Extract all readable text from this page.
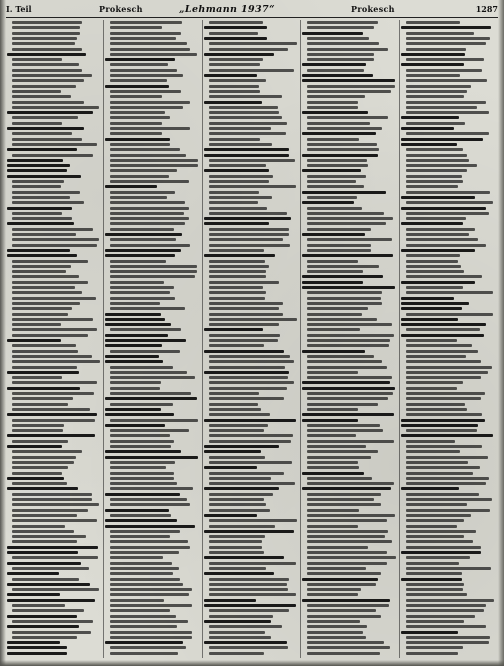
I. Teil	Prokesch	„Lehmann 1937“	Prokesch	1287
